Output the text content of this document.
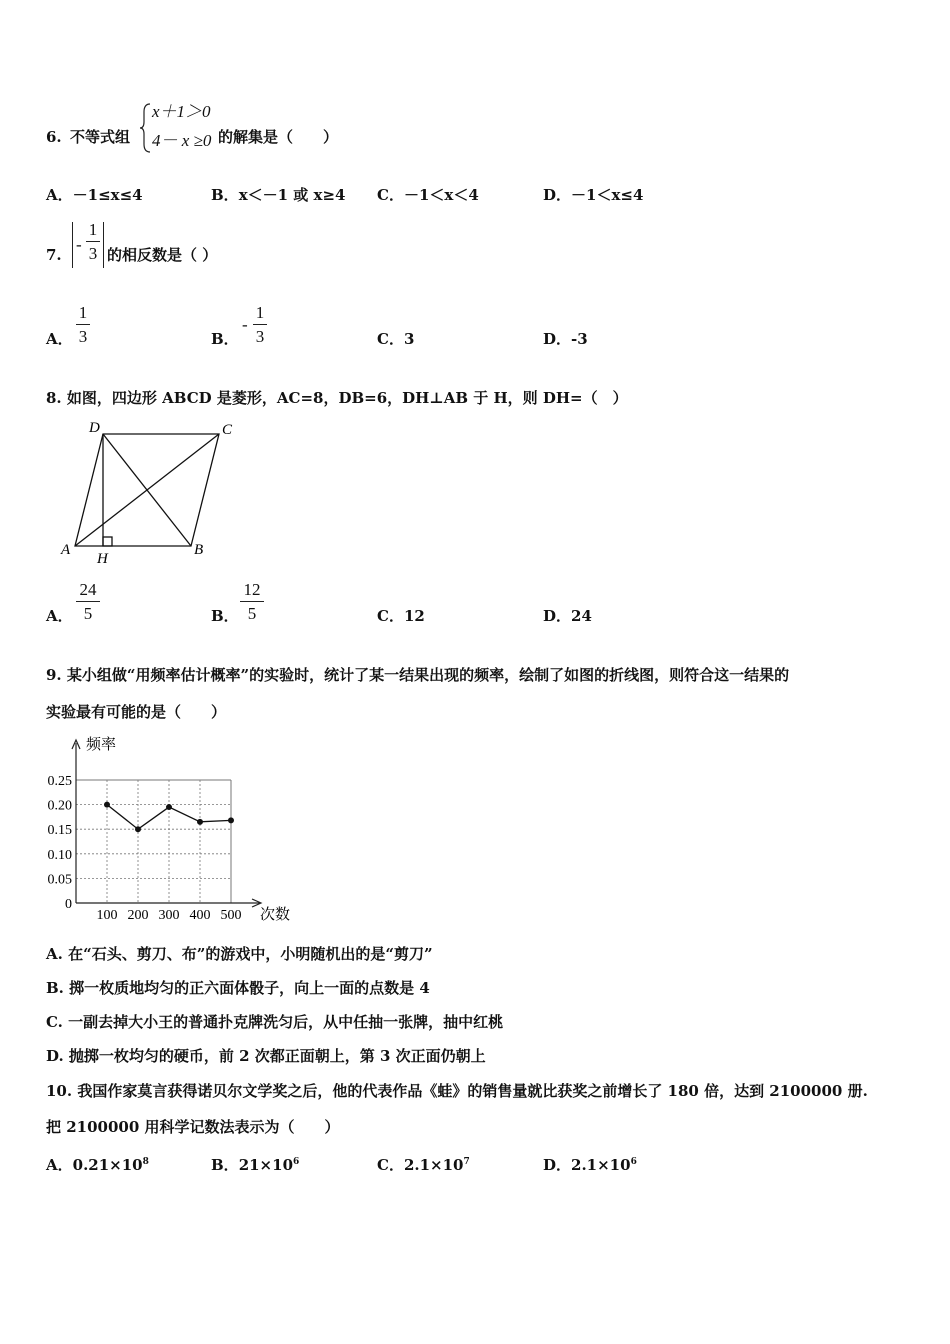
6. 不等式组
x＋1＞0
4－ x ≥0 的解集是（　　）
A．－1≤x≤4	B．x＜－1 或 x≥4 C．－1＜x＜4	D．－1＜x≤4
7.
-
1
3 的相反数是（ ）
A．
1
3	B．
-
1
3	C．3	D．-3
8. 如图，四边形 ABCD 是菱形，AC=8，DB=6，DH⊥AB 于 H，则 DH=（　）
D	C
A	B
H
A．
24
5	B．
12
5	C．12	D．24
9. 某小组做“用频率估计概率”的实验时，统计了某一结果出现的频率，绘制了如图的折线图，则符合这一结果的
实验最有可能的是（　　）
频率
次数
0.25
0.20
0.15
0.10
0.05
0
100 200 300 400 500
A. 在“石头、剪刀、布”的游戏中，小明随机出的是“剪刀”
B. 掷一枚质地均匀的正六面体骰子，向上一面的点数是 4
C. 一副去掉大小王的普通扑克牌洗匀后，从中任抽一张牌，抽中红桃
D. 抛掷一枚均匀的硬币，前 2 次都正面朝上，第 3 次正面仍朝上
10. 我国作家莫言获得诺贝尔文学奖之后，他的代表作品《蛙》的销售量就比获奖之前增长了 180 倍，达到 2100000 册.
把 2100000 用科学记数法表示为（　　）
A．$0.21\times 10^8$	B．$21\times 10^6$	C．$2.1\times 10^7$	D．$2.1\times 10^6$
